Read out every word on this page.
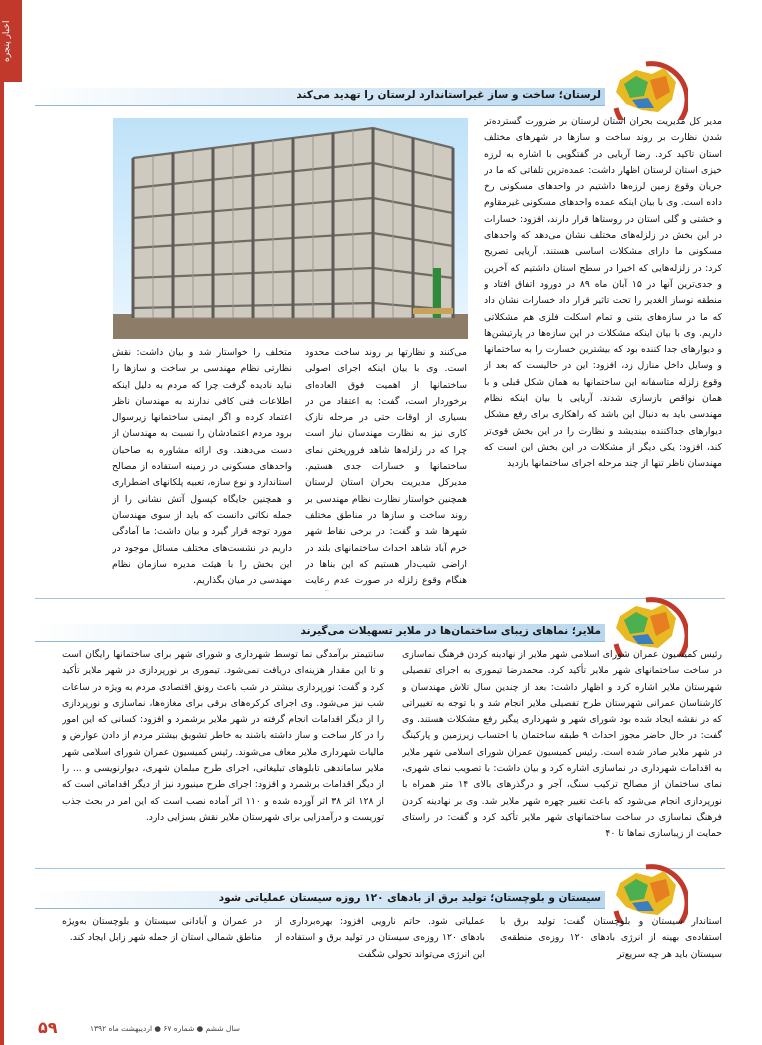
اخبار پنجره
لرستان؛ ساخت و ساز غیراستاندارد لرستان را تهدید می‌کند
مدیر کل مدیریت بحران استان لرستان بر ضرورت گسترده‌تر شدن نظارت بر روند ساخت و سازها در شهرهای مختلف استان تاکید کرد. رضا آریایی در گفتگویی با اشاره به لرزه خیزی استان لرستان اظهار داشت: عمده‌ترین تلفاتی که ما در جریان وقوع زمین لرزه‌ها داشتیم در واحدهای مسکونی رخ داده است. وی با بیان اینکه عمده واحدهای مسکونی غیرمقاوم و خشتی و گلی استان در روستاها قرار دارند، افزود: خسارات در این بخش در زلزله‌های مختلف نشان می‌دهد که واحدهای مسکونی ما دارای مشکلات اساسی هستند. آریایی تصریح کرد: در زلزله‌هایی که اخیرا در سطح استان داشتیم که آخرین و جدی‌ترین آنها در ۱۵ آبان ماه ۸۹ در دورود اتفاق افتاد و منطقه نوساز الغدیر را تحت تاثیر قرار داد خسارات نشان داد که ما در سازه‌های بتنی و تمام اسکلت فلزی هم مشکلاتی داریم. وی با بیان اینکه مشکلات در این سازه‌ها در پارتیشن‌ها و دیوارهای جدا کننده بود که بیشترین خسارت را به ساختمانها و وسایل داخل منازل زد، افزود: این در حالیست که بعد از وقوع زلزله متاسفانه این ساختمانها به همان شکل قبلی و با همان نواقص بازسازی شدند. آریایی با بیان اینکه نظام مهندسی باید به دنبال این باشد که راهکاری برای رفع مشکل دیوارهای جداکننده بیندیشد و نظارت را در این بخش قوی‌تر کند، افزود: یکی دیگر از مشکلات در این بخش این است که مهندسان ناظر تنها از چند مرحله اجرای ساختمانها بازدید
می‌کنند و نظارتها بر روند ساخت محدود است. وی با بیان اینکه اجرای اصولی ساختمانها از اهمیت فوق العاده‌ای برخوردار است، گفت: به اعتقاد من در بسیاری از اوقات حتی در مرحله نازک کاری نیز به نظارت مهندسان نیاز است چرا که در زلزله‌ها شاهد فروریختن نمای ساختمانها و خسارات جدی هستیم. مدیرکل مدیریت بحران استان لرستان همچنین خواستار نظارت نظام مهندسی بر روند ساخت و سازها در مناطق مختلف شهرها شد و گفت: در برخی نقاط شهر خرم آباد شاهد احداث ساختمانهای بلند در اراضی شیب‌دار هستیم که این بناها در هنگام وقوع زلزله در صورت عدم رعایت
متخلف را خواستار شد و بیان داشت: نقش نظارتی نظام مهندسی بر ساخت و سازها را نباید نادیده گرفت چرا که مردم به دلیل اینکه اطلاعات فنی کافی ندارند به مهندسان ناظر اعتماد کرده و اگر ایمنی ساختمانها زیرسوال برود مردم اعتمادشان را نسبت به مهندسان از دست می‌دهند. وی ارائه مشاوره به صاحبان واحدهای مسکونی در زمینه استفاده از مصالح استاندارد و نوع سازه، تعبیه پلکانهای اضطراری و همچنین جایگاه کپسول آتش نشانی را از جمله نکاتی دانست که باید از سوی مهندسان مورد توجه قرار گیرد و بیان داشت: ما آمادگی داریم در نشست‌های مختلف مسائل موجود در این بخش را با هیئت مدیره سازمان نظام مهندسی در میان بگذاریم.
ملایر؛ نماهای زیبای ساختمان‌ها در ملایر تسهیلات می‌گیرند
رئیس کمیسیون عمران شورای اسلامی شهر ملایر از نهادینه کردن فرهنگ نماسازی در ساخت ساختمانهای شهر ملایر تأکید کرد. محمدرضا تیموری به اجرای تفصیلی شهرستان ملایر اشاره کرد و اظهار داشت: بعد از چندین سال تلاش مهندسان و کارشناسان عمرانی شهرستان طرح تفصیلی ملایر انجام شد و با توجه به تغییراتی که در نقشه ایجاد شده بود شورای شهر و شهرداری پیگیر رفع مشکلات هستند. وی گفت: در حال حاضر مجوز احداث ۹ طبقه ساختمان با احتساب زیرزمین و پارکینگ در شهر ملایر صادر شده است. رئیس کمیسیون عمران شورای اسلامی شهر ملایر به اقدامات شهرداری در نماسازی اشاره کرد و بیان داشت: با تصویب نمای شهری، نمای ساختمان از مصالح ترکیب سنگ، آجر و درگذرهای بالای ۱۴ متر همراه با نورپردازی انجام می‌شود که باعث تغییر چهره شهر ملایر شد. وی بر نهادینه کردن فرهنگ نماسازی در ساخت ساختمانهای شهر ملایر تأکید کرد و گفت: در راستای حمایت از زیباسازی نماها تا ۴۰
سانتیمتر برآمدگی نما توسط شهرداری و شورای شهر برای ساختمانها رایگان است و تا این مقدار هزینه‌ای دریافت نمی‌شود. تیموری بر نورپردازی در شهر ملایر تأکید کرد و گفت: نورپردازی بیشتر در شب باعث رونق اقتصادی مردم به ویژه در ساعات شب نیز می‌شود. وی اجرای کرکره‌های برقی برای مغازه‌ها، نماسازی و نورپردازی را از دیگر اقدامات انجام گرفته در شهر ملایر برشمرد و افزود: کسانی که این امور را در کار ساخت و ساز داشته باشند به خاطر تشویق بیشتر مردم از دادن عوارض و مالیات شهرداری ملایر معاف می‌شوند. رئیس کمیسیون عمران شورای اسلامی شهر ملایر ساماندهی تابلوهای تبلیغاتی، اجرای طرح مبلمان شهری، دیوارنویسی و ... را از دیگر اقدامات برشمرد و افزود: اجرای طرح مینیورد نیز از دیگر اقداماتی است که از ۱۲۸ اثر ۳۸ اثر آورده شده و ۱۱۰ اثر آماده نصب است که این امر در بحث جذب توریست و درآمدزایی برای شهرستان ملایر نقش بسزایی دارد.
سیستان و بلوچستان؛ تولید برق از بادهای ۱۲۰ روزه سیستان عملیاتی شود
استاندار سیستان و بلوچستان گفت: تولید برق با استفاده‌ی بهینه از انرژی بادهای ۱۲۰ روزه‌ی منطقه‌ی سیستان باید هر چه سریع‌تر
عملیاتی شود. حاتم نارویی افزود: بهره‌برداری از بادهای ۱۲۰ روزه‌ی سیستان در تولید برق و استفاده از این انرژی می‌تواند تحولی شگفت
در عمران و آبادانی سیستان و بلوچستان به‌ویژه مناطق شمالی استان از جمله شهر زابل ایجاد کند.
۵۹	سال ششم ● شماره ۶۷ ● اردیبهشت ماه ۱۳۹۲
